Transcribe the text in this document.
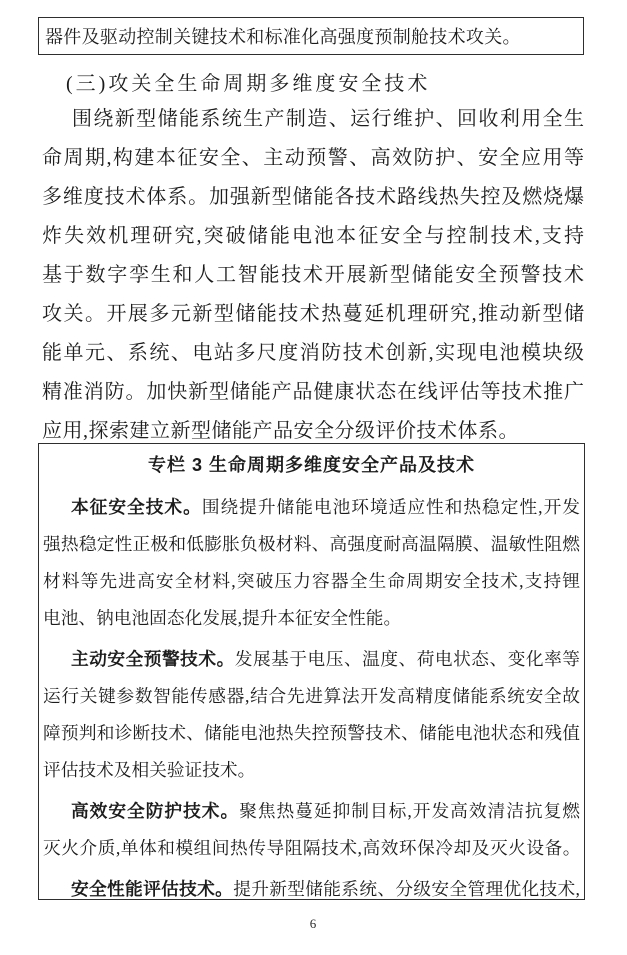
器件及驱动控制关键技术和标准化高强度预制舱技术攻关。
(三)攻关全生命周期多维度安全技术
围绕新型储能系统生产制造、运行维护、回收利用全生
命周期,构建本征安全、主动预警、高效防护、安全应用等
多维度技术体系。加强新型储能各技术路线热失控及燃烧爆
炸失效机理研究,突破储能电池本征安全与控制技术,支持
基于数字孪生和人工智能技术开展新型储能安全预警技术
攻关。开展多元新型储能技术热蔓延机理研究,推动新型储
能单元、系统、电站多尺度消防技术创新,实现电池模块级
精准消防。加快新型储能产品健康状态在线评估等技术推广
应用,探索建立新型储能产品安全分级评价技术体系。
专栏 3 生命周期多维度安全产品及技术
本征安全技术。围绕提升储能电池环境适应性和热稳定性,开发
强热稳定性正极和低膨胀负极材料、高强度耐高温隔膜、温敏性阻燃
材料等先进高安全材料,突破压力容器全生命周期安全技术,支持锂
电池、钠电池固态化发展,提升本征安全性能。
主动安全预警技术。发展基于电压、温度、荷电状态、变化率等
运行关键参数智能传感器,结合先进算法开发高精度储能系统安全故
障预判和诊断技术、储能电池热失控预警技术、储能电池状态和残值
评估技术及相关验证技术。
高效安全防护技术。聚焦热蔓延抑制目标,开发高效清洁抗复燃
灭火介质,单体和模组间热传导阻隔技术,高效环保冷却及灭火设备。
安全性能评估技术。提升新型储能系统、分级安全管理优化技术,
6
